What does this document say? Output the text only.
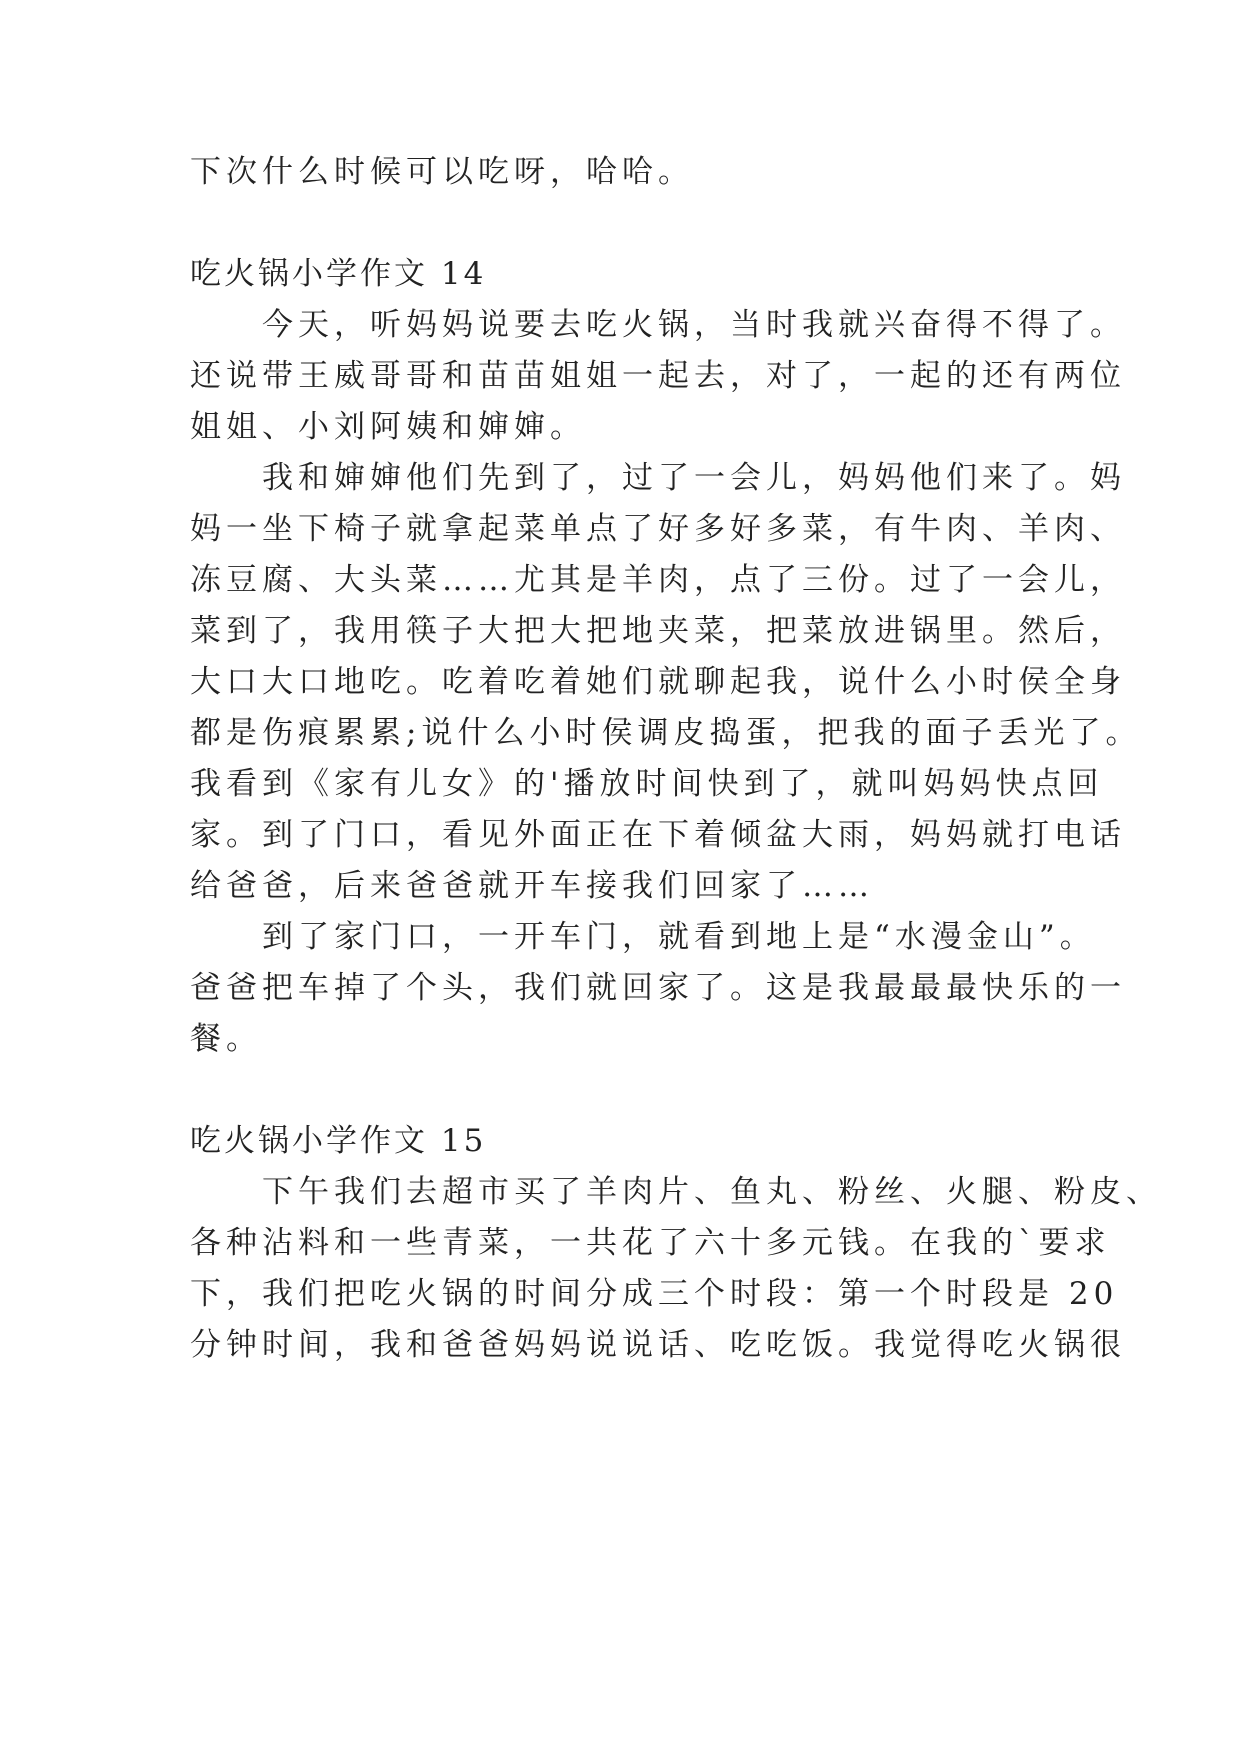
下次什么时候可以吃呀，哈哈。
吃火锅小学作文 14
　　今天，听妈妈说要去吃火锅，当时我就兴奋得不得了。
还说带王威哥哥和苗苗姐姐一起去，对了，一起的还有两位
姐姐、小刘阿姨和婶婶。
　　我和婶婶他们先到了，过了一会儿，妈妈他们来了。妈
妈一坐下椅子就拿起菜单点了好多好多菜，有牛肉、羊肉、
冻豆腐、大头菜……尤其是羊肉，点了三份。过了一会儿，
菜到了，我用筷子大把大把地夹菜，把菜放进锅里。然后，
大口大口地吃。吃着吃着她们就聊起我，说什么小时侯全身
都是伤痕累累;说什么小时侯调皮捣蛋，把我的面子丢光了。
我看到《家有儿女》的'播放时间快到了，就叫妈妈快点回
家。到了门口，看见外面正在下着倾盆大雨，妈妈就打电话
给爸爸，后来爸爸就开车接我们回家了……
　　到了家门口，一开车门，就看到地上是“水漫金山”。
爸爸把车掉了个头，我们就回家了。这是我最最最快乐的一
餐。
吃火锅小学作文 15
　　下午我们去超市买了羊肉片、鱼丸、粉丝、火腿、粉皮、
各种沾料和一些青菜，一共花了六十多元钱。在我的`要求
下，我们把吃火锅的时间分成三个时段：第一个时段是 20
分钟时间，我和爸爸妈妈说说话、吃吃饭。我觉得吃火锅很
